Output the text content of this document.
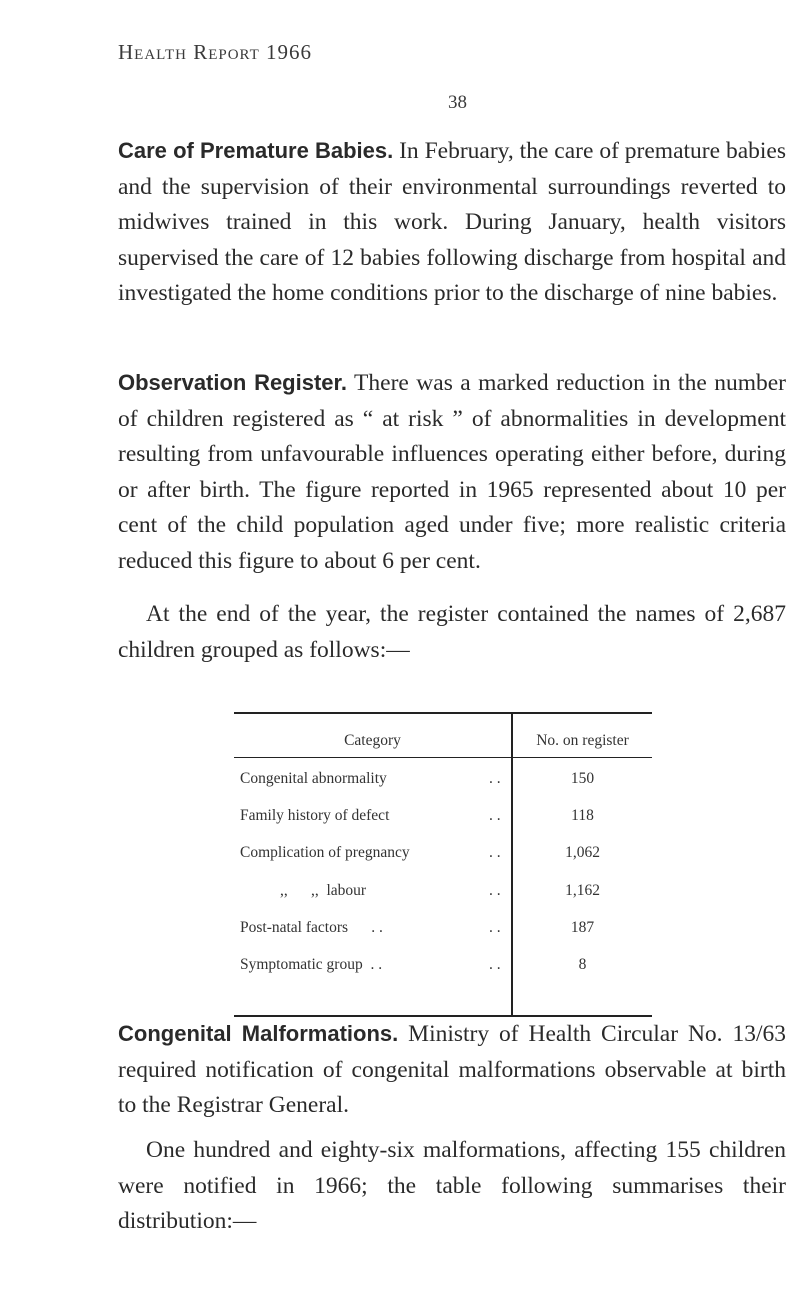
Health Report 1966
38

Care of Premature Babies. In February, the care of premature babies and the supervision of their environmental surroundings reverted to midwives trained in this work. During January, health visitors supervised the care of 12 babies following discharge from hospital and investigated the home conditions prior to the discharge of nine babies.

Observation Register. There was a marked reduction in the number of children registered as “ at risk ” of abnormalities in development resulting from unfavourable influences operating either before, during or after birth. The figure reported in 1965 represented about 10 per cent of the child population aged under five; more realistic criteria reduced this figure to about 6 per cent.

At the end of the year, the register contained the names of 2,687 children grouped as follows:—

Category	No. on register
Congenital abnormality	. .	150
Family history of defect	. .	118
Complication of pregnancy	. .	1,062
,,      ,,  labour	. .	1,162
Post-natal factors      . .	. .	187
Symptomatic group  . .	. .	8

Congenital Malformations. Ministry of Health Circular No. 13/63 required notification of congenital malformations observable at birth to the Registrar General.

One hundred and eighty-six malformations, affecting 155 children were notified in 1966; the table following summarises their distribution:—
